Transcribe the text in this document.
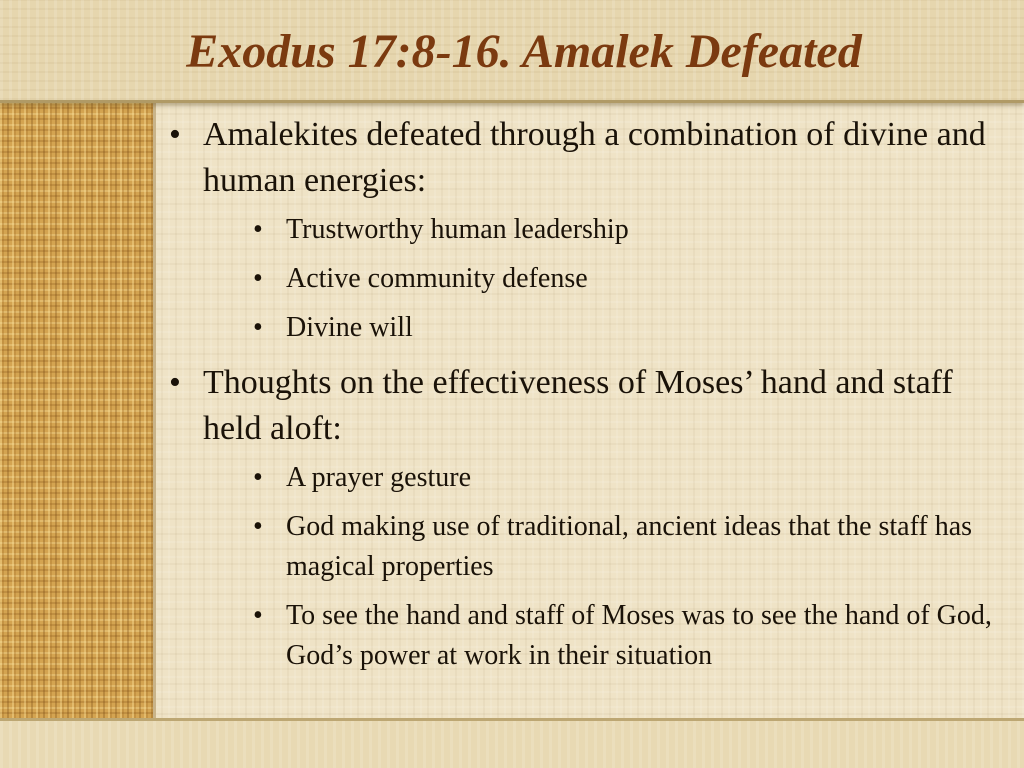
Exodus 17:8-16. Amalek Defeated
• Amalekites defeated through a combination of divine and human energies:
• Trustworthy human leadership
• Active community defense
• Divine will
• Thoughts on the effectiveness of Moses’ hand and staff held aloft:
• A prayer gesture
• God making use of traditional, ancient ideas that the staff has magical properties
• To see the hand and staff of Moses was to see the hand of God, God’s power at work in their situation
